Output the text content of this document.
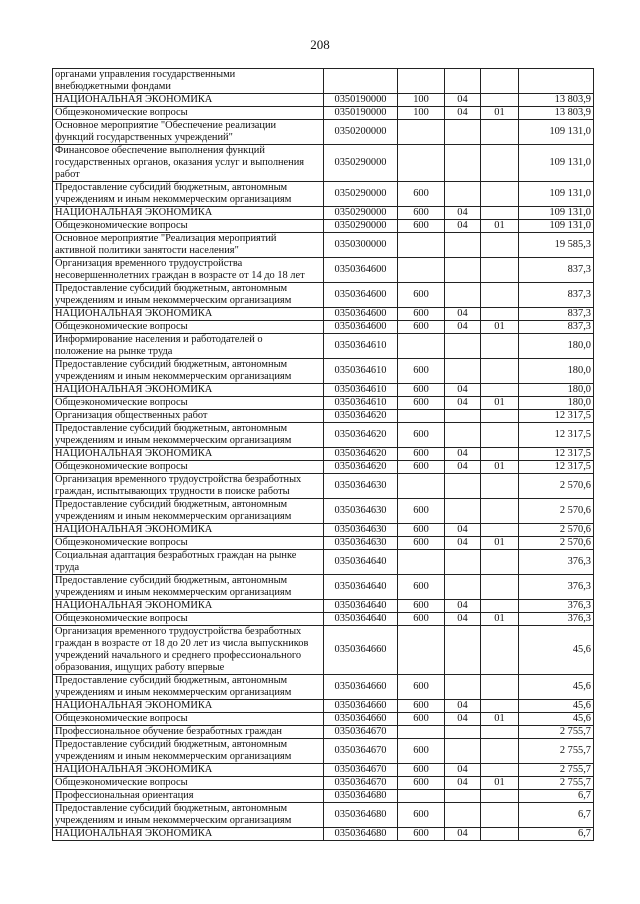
208
органами управления государственными
внебюджетными фондами					
НАЦИОНАЛЬНАЯ ЭКОНОМИКА	0350190000	100	04		13 803,9
Общеэкономические вопросы	0350190000	100	04	01	13 803,9
Основное мероприятие "Обеспечение реализации
функций государственных учреждений"	0350200000				109 131,0
Финансовое обеспечение выполнения функций
государственных органов, оказания услуг и выполнения
работ	0350290000				109 131,0
Предоставление субсидий бюджетным, автономным
учреждениям и иным некоммерческим организациям	0350290000	600			109 131,0
НАЦИОНАЛЬНАЯ ЭКОНОМИКА	0350290000	600	04		109 131,0
Общеэкономические вопросы	0350290000	600	04	01	109 131,0
Основное мероприятие "Реализация мероприятий
активной политики занятости населения"	0350300000				19 585,3
Организация временного трудоустройства
несовершеннолетних граждан в возрасте от 14 до 18 лет	0350364600				837,3
Предоставление субсидий бюджетным, автономным
учреждениям и иным некоммерческим организациям	0350364600	600			837,3
НАЦИОНАЛЬНАЯ ЭКОНОМИКА	0350364600	600	04		837,3
Общеэкономические вопросы	0350364600	600	04	01	837,3
Информирование населения и работодателей о
положение на рынке труда	0350364610				180,0
Предоставление субсидий бюджетным, автономным
учреждениям и иным некоммерческим организациям	0350364610	600			180,0
НАЦИОНАЛЬНАЯ ЭКОНОМИКА	0350364610	600	04		180,0
Общеэкономические вопросы	0350364610	600	04	01	180,0
Организация общественных работ	0350364620				12 317,5
Предоставление субсидий бюджетным, автономным
учреждениям и иным некоммерческим организациям	0350364620	600			12 317,5
НАЦИОНАЛЬНАЯ ЭКОНОМИКА	0350364620	600	04		12 317,5
Общеэкономические вопросы	0350364620	600	04	01	12 317,5
Организация временного трудоустройства безработных
граждан, испытывающих трудности в поиске работы	0350364630				2 570,6
Предоставление субсидий бюджетным, автономным
учреждениям и иным некоммерческим организациям	0350364630	600			2 570,6
НАЦИОНАЛЬНАЯ ЭКОНОМИКА	0350364630	600	04		2 570,6
Общеэкономические вопросы	0350364630	600	04	01	2 570,6
Социальная адаптация безработных граждан на рынке
труда	0350364640				376,3
Предоставление субсидий бюджетным, автономным
учреждениям и иным некоммерческим организациям	0350364640	600			376,3
НАЦИОНАЛЬНАЯ ЭКОНОМИКА	0350364640	600	04		376,3
Общеэкономические вопросы	0350364640	600	04	01	376,3
Организация временного трудоустройства безработных
граждан в возрасте от 18 до 20 лет из числа выпускников
учреждений начального и среднего профессионального
образования, ищущих работу впервые	0350364660				45,6
Предоставление субсидий бюджетным, автономным
учреждениям и иным некоммерческим организациям	0350364660	600			45,6
НАЦИОНАЛЬНАЯ ЭКОНОМИКА	0350364660	600	04		45,6
Общеэкономические вопросы	0350364660	600	04	01	45,6
Профессиональное обучение безработных граждан	0350364670				2 755,7
Предоставление субсидий бюджетным, автономным
учреждениям и иным некоммерческим организациям	0350364670	600			2 755,7
НАЦИОНАЛЬНАЯ ЭКОНОМИКА	0350364670	600	04		2 755,7
Общеэкономические вопросы	0350364670	600	04	01	2 755,7
Профессиональная ориентация	0350364680				6,7
Предоставление субсидий бюджетным, автономным
учреждениям и иным некоммерческим организациям	0350364680	600			6,7
НАЦИОНАЛЬНАЯ ЭКОНОМИКА	0350364680	600	04		6,7
